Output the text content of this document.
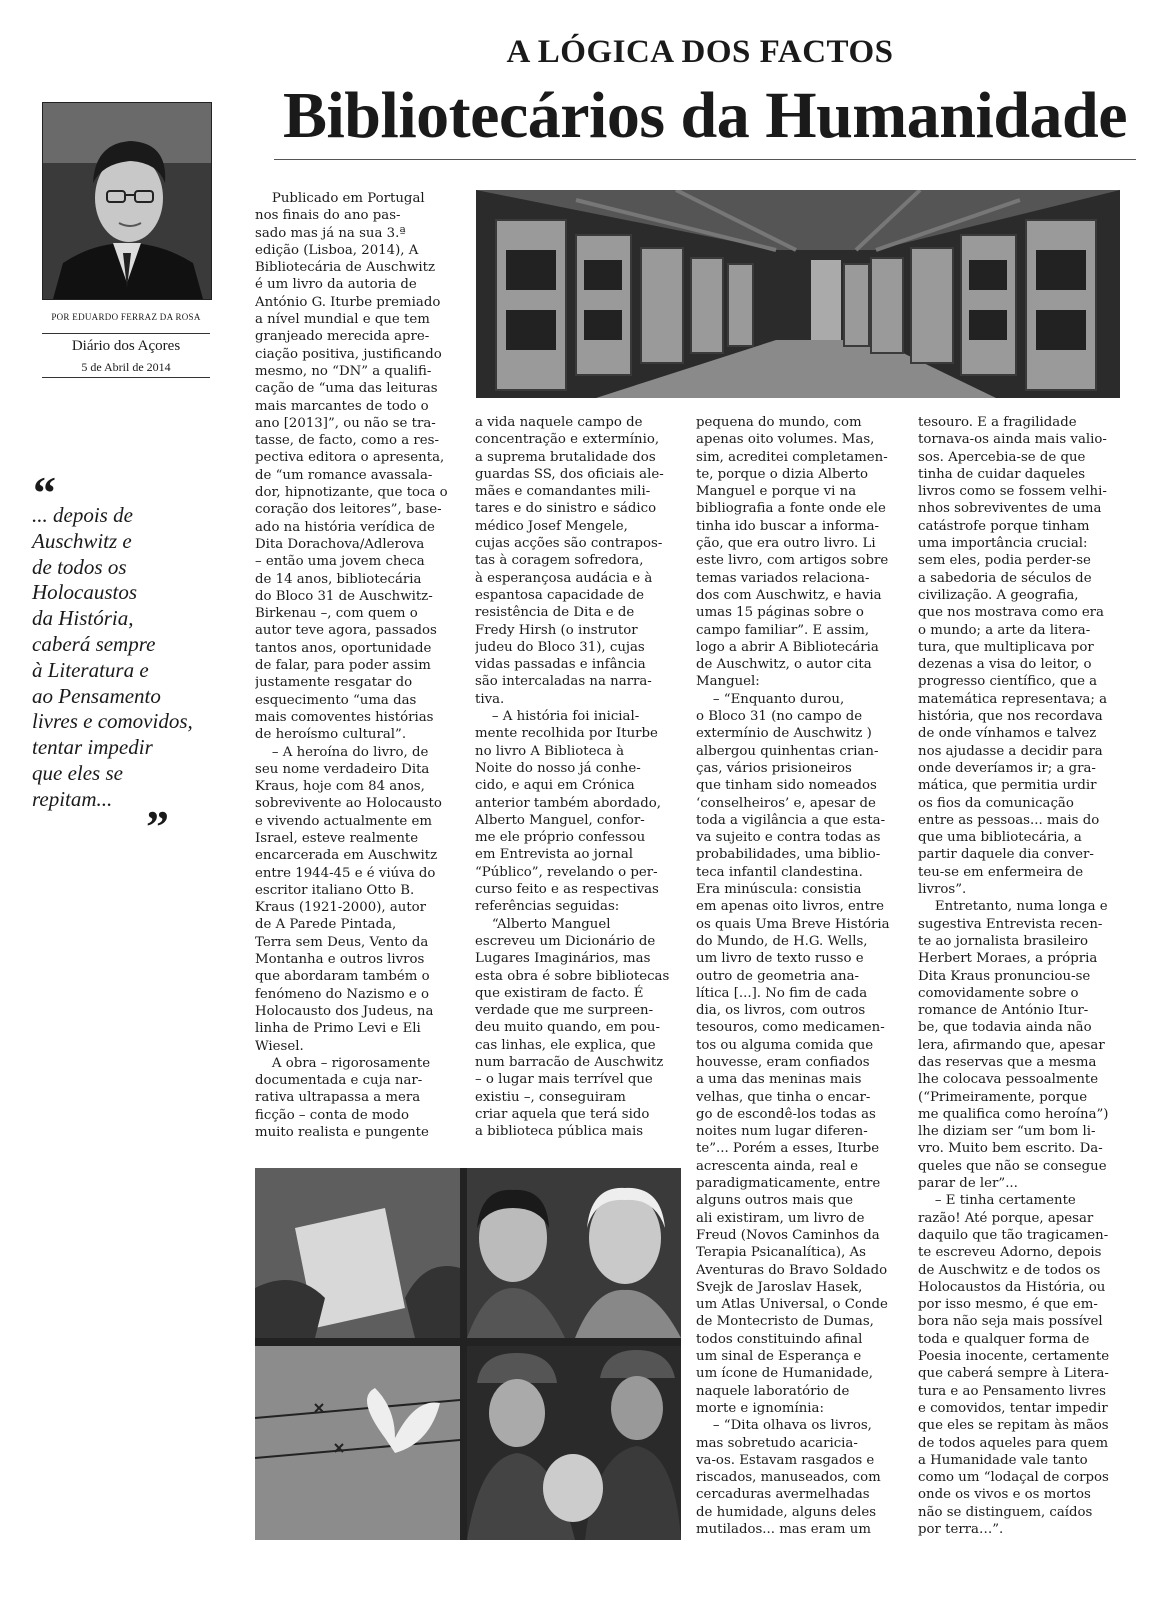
A LÓGICA DOS FACTOS
Bibliotecários da Humanidade
POR EDUARDO FERRAZ DA ROSA
Diário dos Açores
5 de Abril de 2014
“
... depois de
Auschwitz e
de todos os
Holocaustos
da História,
caberá sempre
à Literatura e
ao Pensamento
livres e comovidos,
tentar impedir
que eles se
repitam...
”
Publicado em Portugal
nos finais do ano pas-
sado mas já na sua 3.ª
edição (Lisboa, 2014), A
Bibliotecária de Auschwitz
é um livro da autoria de
António G. Iturbe premiado
a nível mundial e que tem
granjeado merecida apre-
ciação positiva, justificando
mesmo, no “DN” a qualifi-
cação de “uma das leituras
mais marcantes de todo o
ano [2013]”, ou não se tra-
tasse, de facto, como a res-
pectiva editora o apresenta,
de “um romance avassala-
dor, hipnotizante, que toca o
coração dos leitores”, base-
ado na história verídica de
Dita Dorachova/Adlerova
– então uma jovem checa
de 14 anos, bibliotecária
do Bloco 31 de Auschwitz-
Birkenau –, com quem o
autor teve agora, passados
tantos anos, oportunidade
de falar, para poder assim
justamente resgatar do
esquecimento “uma das
mais comoventes histórias
de heroísmo cultural”.
– A heroína do livro, de
seu nome verdadeiro Dita
Kraus, hoje com 84 anos,
sobrevivente ao Holocausto
e vivendo actualmente em
Israel, esteve realmente
encarcerada em Auschwitz
entre 1944-45 e é viúva do
escritor italiano Otto B.
Kraus (1921-2000), autor
de A Parede Pintada,
Terra sem Deus, Vento da
Montanha e outros livros
que abordaram também o
fenómeno do Nazismo e o
Holocausto dos Judeus, na
linha de Primo Levi e Eli
Wiesel.
A obra – rigorosamente
documentada e cuja nar-
rativa ultrapassa a mera
ficção – conta de modo
muito realista e pungente
a vida naquele campo de
concentração e extermínio,
a suprema brutalidade dos
guardas SS, dos oficiais ale-
mães e comandantes mili-
tares e do sinistro e sádico
médico Josef Mengele,
cujas acções são contrapos-
tas à coragem sofredora,
à esperançosa audácia e à
espantosa capacidade de
resistência de Dita e de
Fredy Hirsh (o instrutor
judeu do Bloco 31), cujas
vidas passadas e infância
são intercaladas na narra-
tiva.
– A história foi inicial-
mente recolhida por Iturbe
no livro A Biblioteca à
Noite do nosso já conhe-
cido, e aqui em Crónica
anterior também abordado,
Alberto Manguel, confor-
me ele próprio confessou
em Entrevista ao jornal
“Público”, revelando o per-
curso feito e as respectivas
referências seguidas:
“Alberto Manguel
escreveu um Dicionário de
Lugares Imaginários, mas
esta obra é sobre bibliotecas
que existiram de facto. É
verdade que me surpreen-
deu muito quando, em pou-
cas linhas, ele explica, que
num barracão de Auschwitz
– o lugar mais terrível que
existiu –, conseguiram
criar aquela que terá sido
a biblioteca pública mais
pequena do mundo, com
apenas oito volumes. Mas,
sim, acreditei completamen-
te, porque o dizia Alberto
Manguel e porque vi na
bibliografia a fonte onde ele
tinha ido buscar a informa-
ção, que era outro livro. Li
este livro, com artigos sobre
temas variados relaciona-
dos com Auschwitz, e havia
umas 15 páginas sobre o
campo familiar”. E assim,
logo a abrir A Bibliotecária
de Auschwitz, o autor cita
Manguel:
– “Enquanto durou,
o Bloco 31 (no campo de
extermínio de Auschwitz )
albergou quinhentas crian-
ças, vários prisioneiros
que tinham sido nomeados
‘conselheiros’ e, apesar de
toda a vigilância a que esta-
va sujeito e contra todas as
probabilidades, uma biblio-
teca infantil clandestina.
Era minúscula: consistia
em apenas oito livros, entre
os quais Uma Breve História
do Mundo, de H.G. Wells,
um livro de texto russo e
outro de geometria ana-
lítica [...]. No fim de cada
dia, os livros, com outros
tesouros, como medicamen-
tos ou alguma comida que
houvesse, eram confiados
a uma das meninas mais
velhas, que tinha o encar-
go de escondê-los todas as
noites num lugar diferen-
te”... Porém a esses, Iturbe
acrescenta ainda, real e
paradigmaticamente, entre
alguns outros mais que
ali existiram, um livro de
Freud (Novos Caminhos da
Terapia Psicanalítica), As
Aventuras do Bravo Soldado
Svejk de Jaroslav Hasek,
um Atlas Universal, o Conde
de Montecristo de Dumas,
todos constituindo afinal
um sinal de Esperança e
um ícone de Humanidade,
naquele laboratório de
morte e ignomínia:
– “Dita olhava os livros,
mas sobretudo acaricia-
va-os. Estavam rasgados e
riscados, manuseados, com
cercaduras avermelhadas
de humidade, alguns deles
mutilados... mas eram um
tesouro. E a fragilidade
tornava-os ainda mais valio-
sos. Apercebia-se de que
tinha de cuidar daqueles
livros como se fossem velhi-
nhos sobreviventes de uma
catástrofe porque tinham
uma importância crucial:
sem eles, podia perder-se
a sabedoria de séculos de
civilização. A geografia,
que nos mostrava como era
o mundo; a arte da litera-
tura, que multiplicava por
dezenas a visa do leitor, o
progresso científico, que a
matemática representava; a
história, que nos recordava
de onde vínhamos e talvez
nos ajudasse a decidir para
onde deveríamos ir; a gra-
mática, que permitia urdir
os fios da comunicação
entre as pessoas... mais do
que uma bibliotecária, a
partir daquele dia conver-
teu-se em enfermeira de
livros”.
Entretanto, numa longa e
sugestiva Entrevista recen-
te ao jornalista brasileiro
Herbert Moraes, a própria
Dita Kraus pronunciou-se
comovidamente sobre o
romance de António Itur-
be, que todavia ainda não
lera, afirmando que, apesar
das reservas que a mesma
lhe colocava pessoalmente
(“Primeiramente, porque
me qualifica como heroína”)
lhe diziam ser “um bom li-
vro. Muito bem escrito. Da-
queles que não se consegue
parar de ler”...
– E tinha certamente
razão! Até porque, apesar
daquilo que tão tragicamen-
te escreveu Adorno, depois
de Auschwitz e de todos os
Holocaustos da História, ou
por isso mesmo, é que em-
bora não seja mais possível
toda e qualquer forma de
Poesia inocente, certamente
que caberá sempre à Litera-
tura e ao Pensamento livres
e comovidos, tentar impedir
que eles se repitam às mãos
de todos aqueles para quem
a Humanidade vale tanto
como um “lodaçal de corpos
onde os vivos e os mortos
não se distinguem, caídos
por terra…”.
